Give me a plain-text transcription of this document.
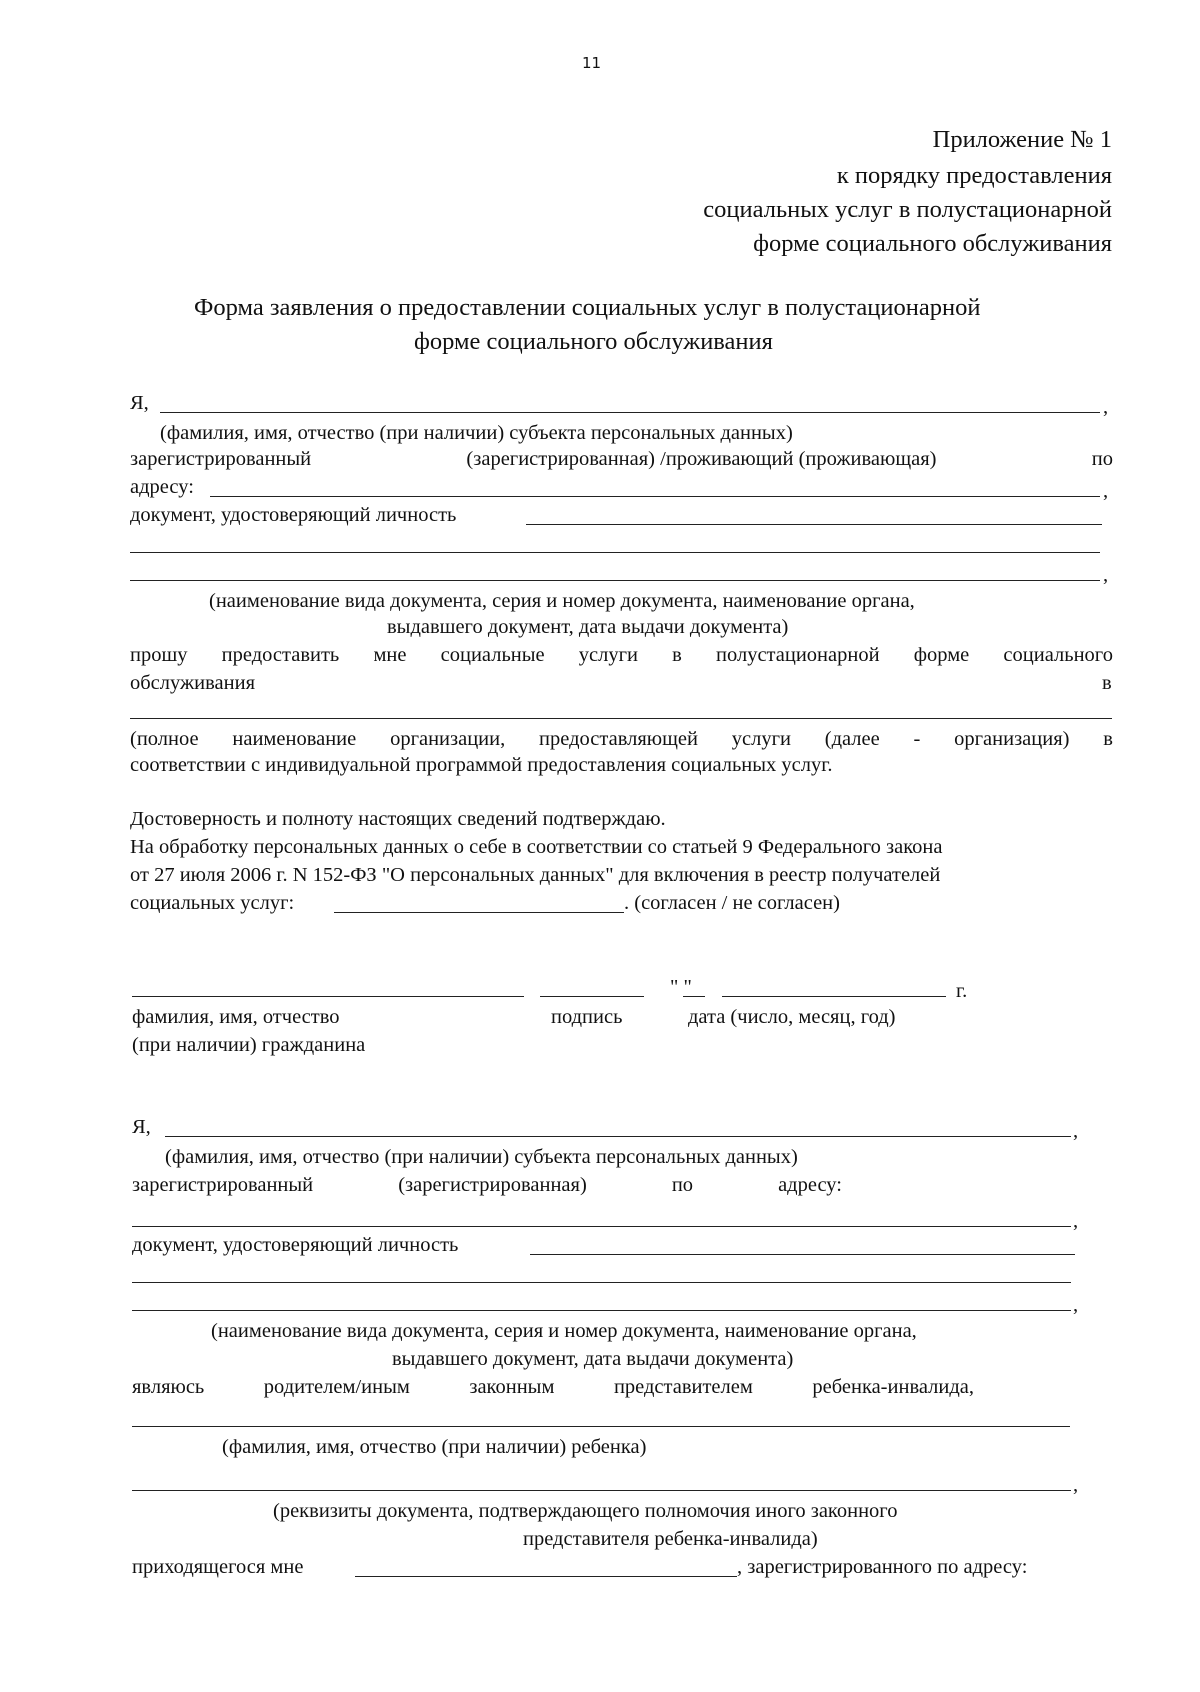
11
Приложение № 1
к порядку предоставления
социальных услуг в полустационарной
форме социального обслуживания
Форма заявления о предоставлении социальных услуг в полустационарной
форме социального обслуживания
Я,	,
(фамилия, имя, отчество (при наличии) субъекта персональных данных)
зарегистрированный	(зарегистрированная) /проживающий (проживающая)	по
адресу:	,
документ, удостоверяющий личность
,
(наименование вида документа, серия и номер документа, наименование органа,
выдавшего документ, дата выдачи документа)
прошу предоставить мне социальные услуги в полустационарной форме социального
обслуживания	в
(полное наименование организации, предоставляющей услуги (далее - организация) в
соответствии с индивидуальной программой предоставления социальных услуг.
Достоверность и полноту настоящих сведений подтверждаю.
На обработку персональных данных о себе в соответствии со статьей 9 Федерального закона
от 27 июля 2006 г. N 152-ФЗ "О персональных данных" для включения в реестр получателей
социальных услуг:	. (согласен / не согласен)
" "	г.
фамилия, имя, отчество
(при наличии) гражданина
подпись	дата (число, месяц, год)
Я,	,
(фамилия, имя, отчество (при наличии) субъекта персональных данных)
зарегистрированный	(зарегистрированная)	по	адресу:
,
документ, удостоверяющий личность
,
(наименование вида документа, серия и номер документа, наименование органа,
выдавшего документ, дата выдачи документа)
являюсь	родителем/иным	законным	представителем	ребенка-инвалида,
(фамилия, имя, отчество (при наличии) ребенка)
,
(реквизиты документа, подтверждающего полномочия иного законного
представителя ребенка-инвалида)
приходящегося мне	, зарегистрированного по адресу:
